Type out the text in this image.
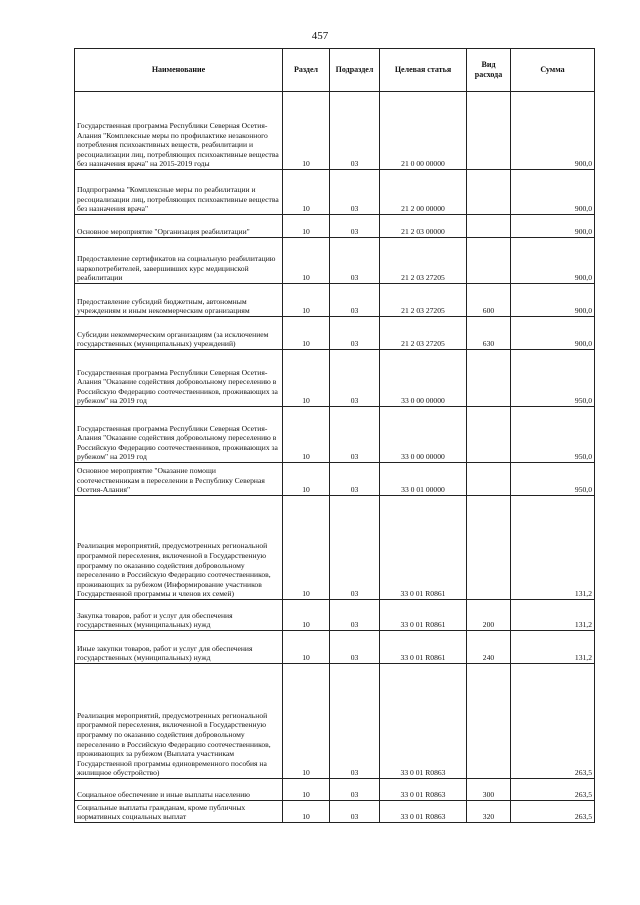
457
Наименование	Раздел	Подраздел	Целевая статья	Вид расхода	Сумма

Государственная программа Республики Северная Осетия-Алания "Комплексные меры по профилактике незаконного потребления психоактивных веществ, реабилитации и ресоциализации лиц, потребляющих психоактивные вещества без назначения врача" на 2015-2019 годы	10	03	21 0 00 00000		900,0

Подпрограмма "Комплексные меры по реабилитации и ресоциализации лиц, потребляющих психоактивные вещества без назначения врача"	10	03	21 2 00 00000		900,0

Основное мероприятие "Организация реабилитации"	10	03	21 2 03 00000		900,0

Предоставление сертификатов на социальную реабилитацию наркопотребителей, завершивших курс медицинской реабилитации	10	03	21 2 03 27205		900,0

Предоставление субсидий бюджетным, автономным учреждениям и иным некоммерческим организациям	10	03	21 2 03 27205	600	900,0

Субсидии некоммерческим организациям (за исключением государственных (муниципальных) учреждений)	10	03	21 2 03 27205	630	900,0

Государственная программа Республики Северная Осетия-Алания "Оказание содействия добровольному переселению в Российскую Федерацию соотечественников, проживающих за рубежом" на 2019 год	10	03	33 0 00 00000		950,0

Государственная программа Республики Северная Осетия-Алания "Оказание содействия добровольному переселению в Российскую Федерацию соотечественников, проживающих за рубежом" на 2019 год	10	03	33 0 00 00000		950,0

Основное мероприятие "Оказание помощи соотечественникам в переселении в Республику Северная Осетия-Алания"	10	03	33 0 01 00000		950,0

Реализация мероприятий, предусмотренных региональной программой переселения, включенной в Государственную программу по оказанию содействия добровольному переселению в Российскую Федерацию соотечественников, проживающих за рубежом (Информирование участников Государственной программы и членов их семей)	10	03	33 0 01 R0861		131,2

Закупка товаров, работ и услуг для обеспечения государственных (муниципальных) нужд	10	03	33 0 01 R0861	200	131,2

Иные закупки товаров, работ и услуг для обеспечения государственных (муниципальных) нужд	10	03	33 0 01 R0861	240	131,2

Реализация мероприятий, предусмотренных региональной программой переселения, включенной в Государственную программу по оказанию содействия добровольному переселению в Российскую Федерацию соотечественников, проживающих за рубежом (Выплата участникам Государственной программы единовременного пособия на жилищное обустройство)	10	03	33 0 01 R0863		263,5

Социальное обеспечение и иные выплаты населению	10	03	33 0 01 R0863	300	263,5

Социальные выплаты гражданам, кроме публичных нормативных социальных выплат	10	03	33 0 01 R0863	320	263,5
